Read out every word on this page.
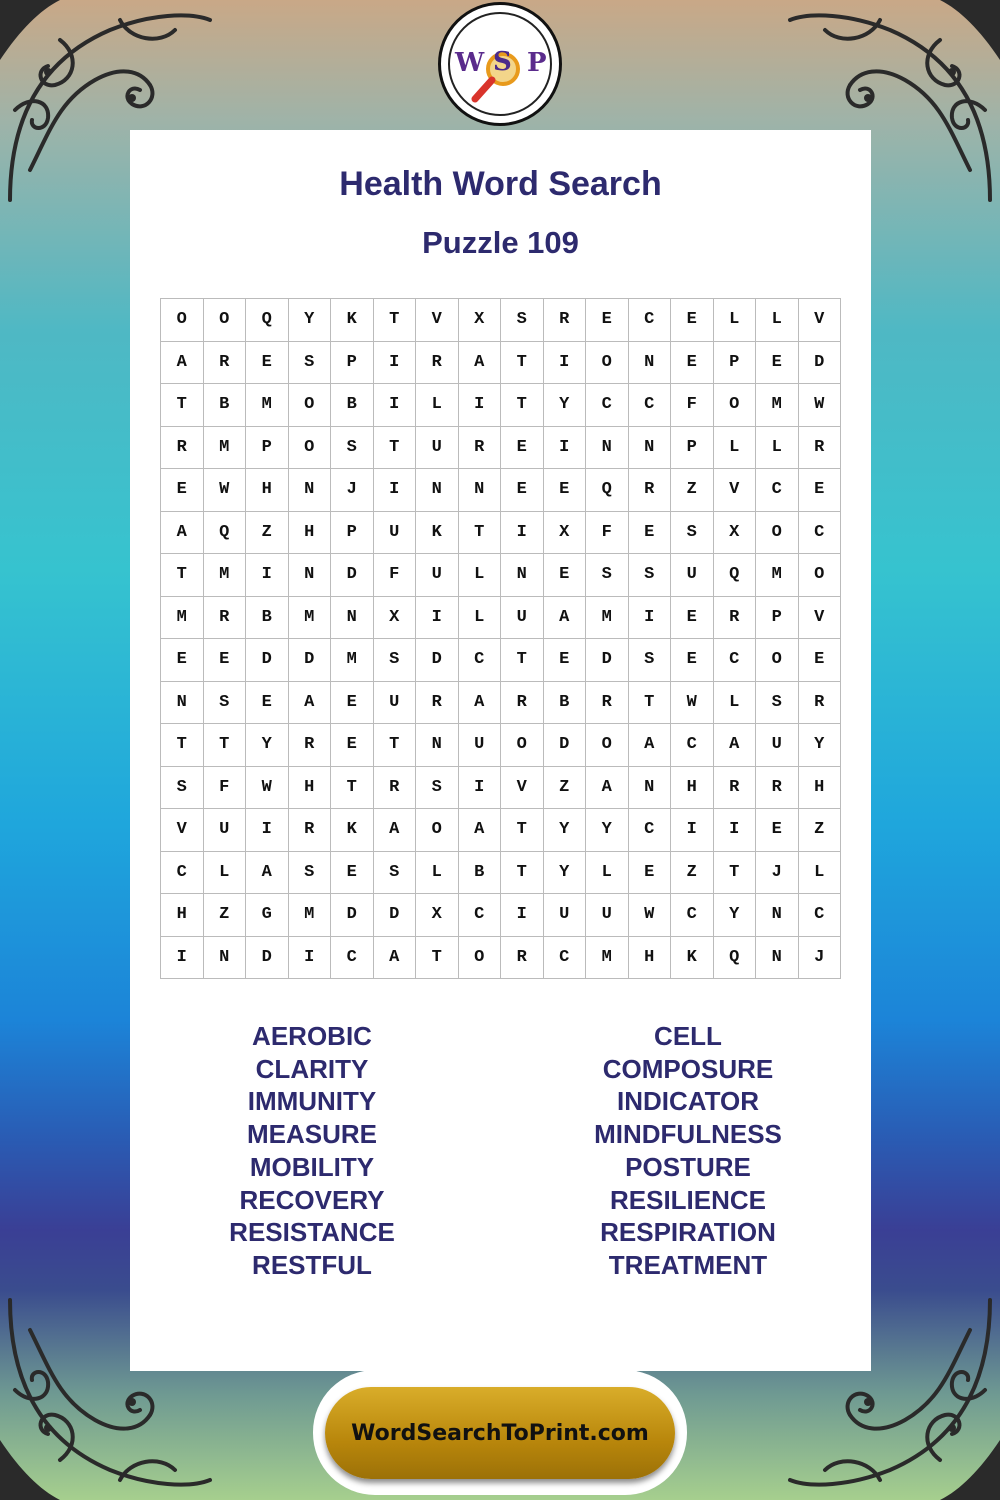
W S P
Health Word Search
Puzzle 109
O	O	Q	Y	K	T	V	X	S	R	E	C	E	L	L	V
A	R	E	S	P	I	R	A	T	I	O	N	E	P	E	D
T	B	M	O	B	I	L	I	T	Y	C	C	F	O	M	W
R	M	P	O	S	T	U	R	E	I	N	N	P	L	L	R
E	W	H	N	J	I	N	N	E	E	Q	R	Z	V	C	E
A	Q	Z	H	P	U	K	T	I	X	F	E	S	X	O	C
T	M	I	N	D	F	U	L	N	E	S	S	U	Q	M	O
M	R	B	M	N	X	I	L	U	A	M	I	E	R	P	V
E	E	D	D	M	S	D	C	T	E	D	S	E	C	O	E
N	S	E	A	E	U	R	A	R	B	R	T	W	L	S	R
T	T	Y	R	E	T	N	U	O	D	O	A	C	A	U	Y
S	F	W	H	T	R	S	I	V	Z	A	N	H	R	R	H
V	U	I	R	K	A	O	A	T	Y	Y	C	I	I	E	Z
C	L	A	S	E	S	L	B	T	Y	L	E	Z	T	J	L
H	Z	G	M	D	D	X	C	I	U	U	W	C	Y	N	C
I	N	D	I	C	A	T	O	R	C	M	H	K	Q	N	J
AEROBIC
CLARITY
IMMUNITY
MEASURE
MOBILITY
RECOVERY
RESISTANCE
RESTFUL
CELL
COMPOSURE
INDICATOR
MINDFULNESS
POSTURE
RESILIENCE
RESPIRATION
TREATMENT
WordSearchToPrint.com
